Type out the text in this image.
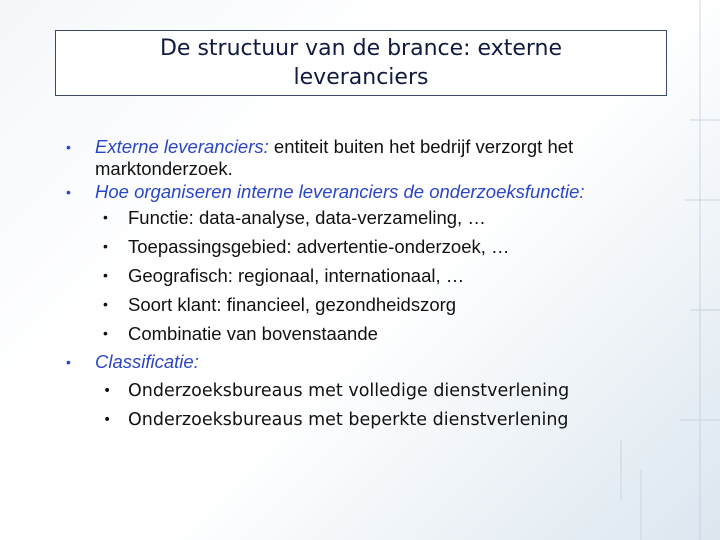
De structuur van de brance: externe leveranciers

• Externe leveranciers: entiteit buiten het bedrijf verzorgt het marktonderzoek.

• Hoe organiseren interne leveranciers de onderzoeksfunctie:

• Functie: data-analyse, data-verzameling, …

• Toepassingsgebied: advertentie-onderzoek, …

• Geografisch: regionaal, internationaal, …

• Soort klant: financieel, gezondheidszorg

• Combinatie van bovenstaande

• Classificatie:

• Onderzoeksbureaus met volledige dienstverlening

• Onderzoeksbureaus met beperkte dienstverlening
